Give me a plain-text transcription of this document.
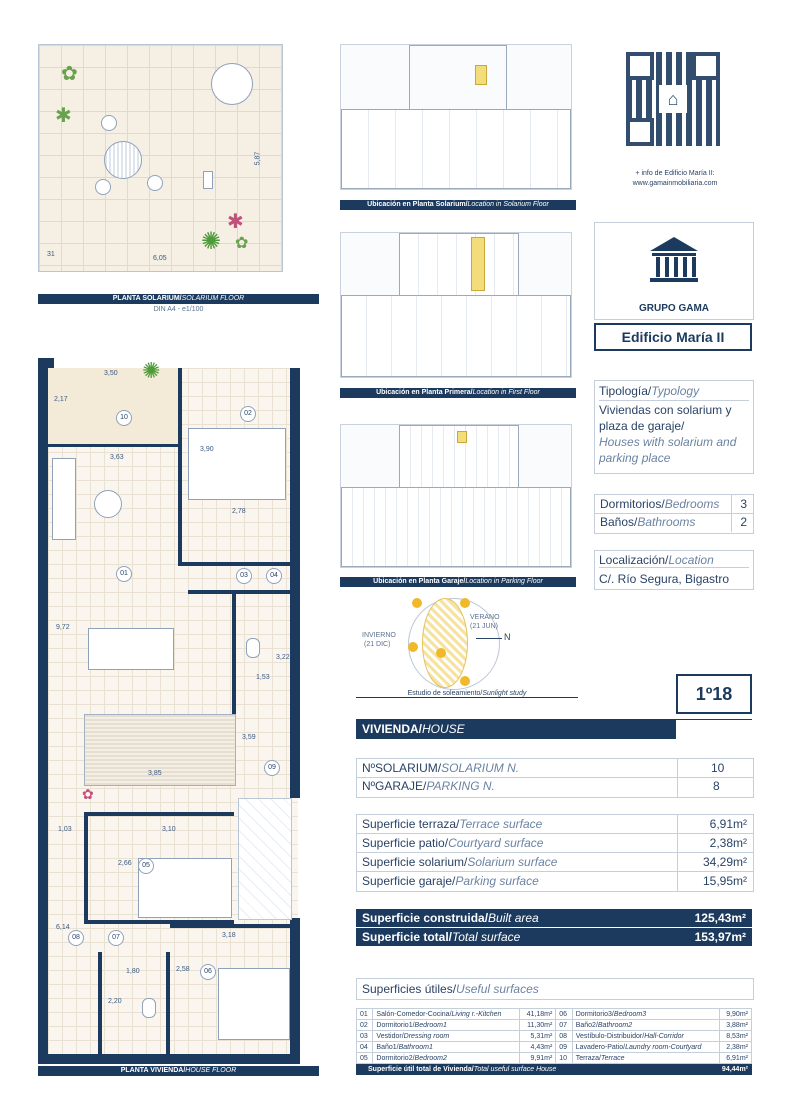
✿
✱
✱
✺ ✿
6,05
5,87
31
PLANTA SOLARIUM/SOLARIUM FLOOR
DIN A4 - e1/100
Ubicación en Planta Solarium/Location in Solarium Floor
Ubicación en Planta Primera/Location in First Floor
Ubicación en Planta Garaje/Location in Parking Floor
⌂
+ info de Edificio María II:
www.gamainmobiliaria.com
GRUPO GAMA
Edificio María II
Tipología/Typology
Viviendas con solarium y
plaza de garaje/
Houses with solarium and
parking place
Dormitorios/Bedrooms 3
Baños/Bathrooms	2
Localización/Location
C/. Río Segura, Bigastro
VERANO
(21 JUN)
INVIERNO
(21 DIC)
N
Estudio de soleamiento/Sunlight study	1º18
VIVIENDA/HOUSE
NºSOLARIUM/SOLARIUM N.	10
NºGARAJE/PARKING N.	8
Superficie terraza/Terrace surface	6,91m²
Superficie patio/Courtyard surface	2,38m²
Superficie solarium/Solarium surface	34,29m²
Superficie garaje/Parking surface	15,95m²
Superficie construida/Built area	125,43m²
Superficie total/Total surface	153,97m²
Superficies útiles/Useful surfaces
01	Salón-Comedor-Cocina/Living r.-Kitchen	41,18m²	06	Dormitorio3/Bedroom3	9,90m²
02	Dormitorio1/Bedroom1	11,30m²	07	Baño2/Bathroom2	3,88m²
03	Vestidor/Dressing room	5,31m²	08	Vestíbulo-Distribuidor/Hall-Corridor	8,53m²
04	Baño1/Bathroom1	4,43m²	09	Lavadero-Patio/Laundry room-Courtyard	2,38m²
05	Dormitorio2/Bedroom2	9,91m²	10	Terraza/Terrace	6,91m²
Superficie útil total de Vivienda/Total useful surface House	94,44m²
✺
✿
10
02
01	03	04
09
05
08	07
06
3,50
2,17
3,63
3,90
2,78
9,72
3,22
1,53
3,59
3,85
1,03	3,10
2,66
6,14
3,18
1,80	2,58
2,20
PLANTA VIVIENDA/HOUSE FLOOR
